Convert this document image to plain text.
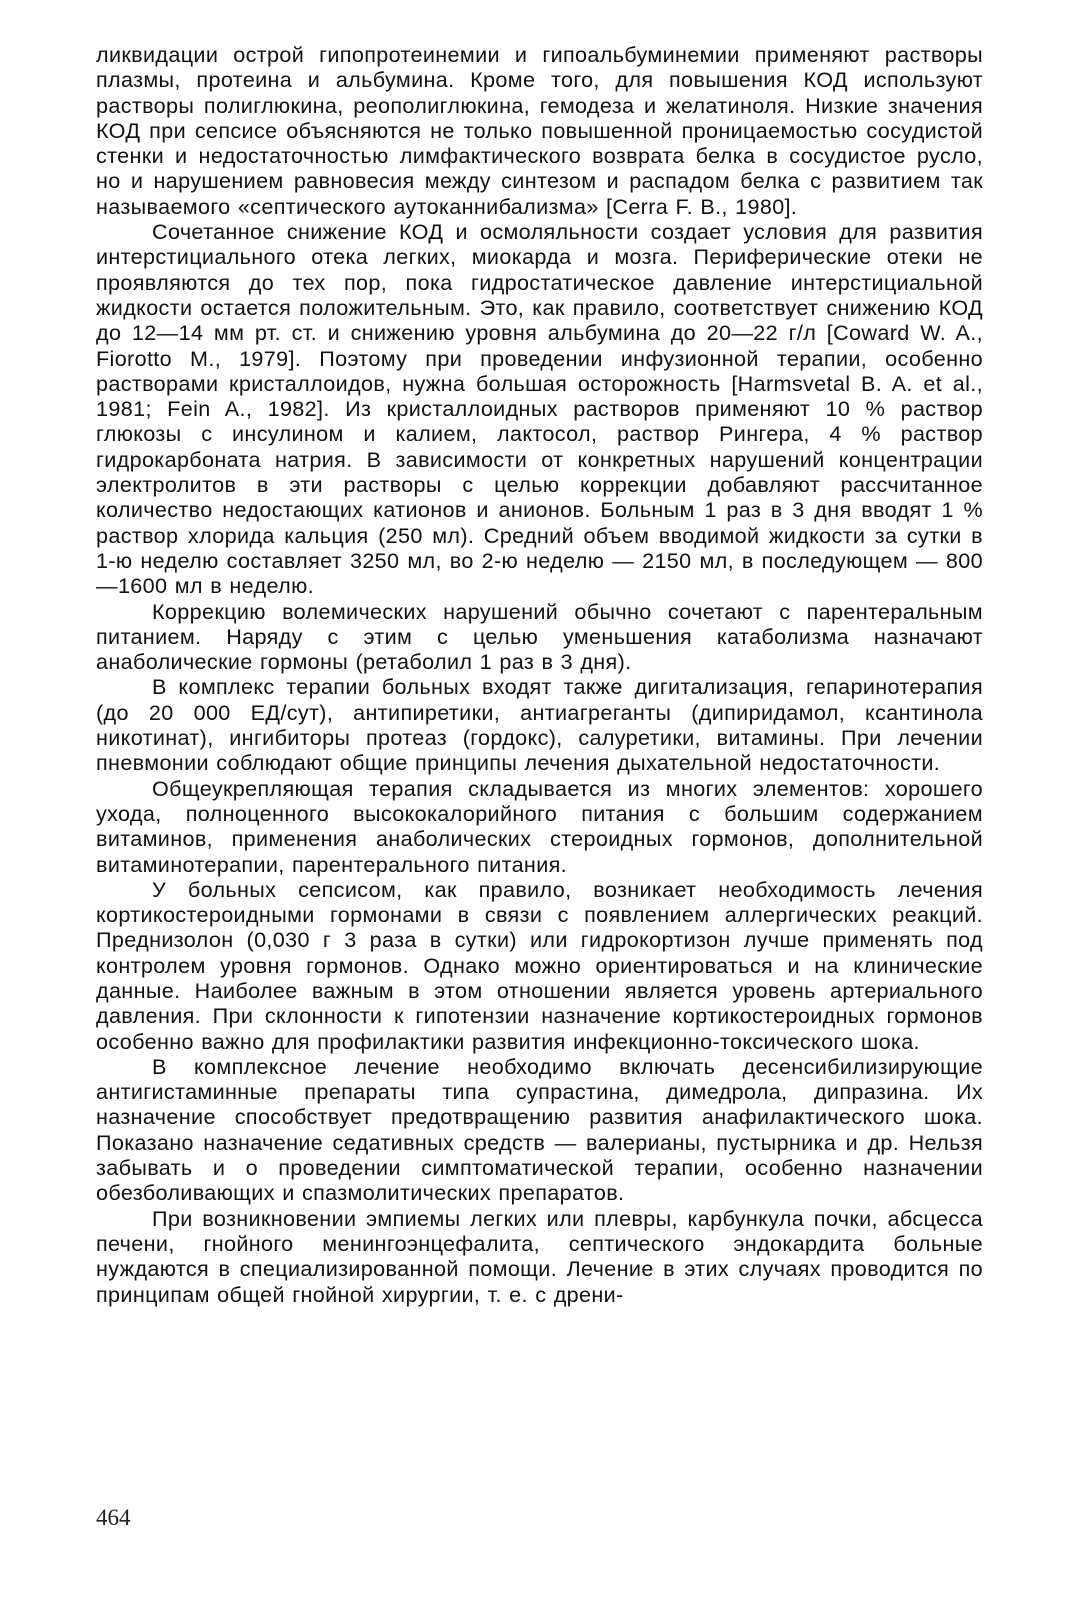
ликвидации острой гипопротеинемии и гипоальбуминемии применяют растворы плазмы, протеина и альбумина. Кроме того, для повышения КОД используют растворы полиглюкина, реополиглюкина, гемодеза и желатиноля. Низкие значения КОД при сепсисе объясняются не только повышенной проницаемостью сосудистой стенки и недостаточностью лимфактического возврата белка в сосудистое русло, но и нарушением равновесия между синтезом и распадом белка с развитием так называемого «септического аутоканнибализма» [Cerra F. B., 1980].

Сочетанное снижение КОД и осмоляльности создает условия для развития интерстициального отека легких, миокарда и мозга. Периферические отеки не проявляются до тех пор, пока гидростатическое давление интерстициальной жидкости остается положительным. Это, как правило, соответствует снижению КОД до 12—14 мм рт. ст. и снижению уровня альбумина до 20—22 г/л [Coward W. A., Fiorotto M., 1979]. Поэтому при проведении инфузионной терапии, особенно растворами кристаллоидов, нужна большая осторожность [Harmsvetal B. A. et al., 1981; Fein A., 1982]. Из кристаллоидных растворов применяют 10 % раствор глюкозы с инсулином и калием, лактосол, раствор Рингера, 4 % раствор гидрокарбоната натрия. В зависимости от конкретных нарушений концентрации электролитов в эти растворы с целью коррекции добавляют рассчитанное количество недостающих катионов и анионов. Больным 1 раз в 3 дня вводят 1 % раствор хлорида кальция (250 мл). Средний объем вводимой жидкости за сутки в 1-ю неделю составляет 3250 мл, во 2-ю неделю — 2150 мл, в последующем — 800—1600 мл в неделю.

Коррекцию волемических нарушений обычно сочетают с парентеральным питанием. Наряду с этим с целью уменьшения катаболизма назначают анаболические гормоны (ретаболил 1 раз в 3 дня).

В комплекс терапии больных входят также дигитализация, гепаринотерапия (до 20 000 ЕД/сут), антипиретики, антиагреганты (дипиридамол, ксантинола никотинат), ингибиторы протеаз (гордокс), салуретики, витамины. При лечении пневмонии соблюдают общие принципы лечения дыхательной недостаточности.

Общеукрепляющая терапия складывается из многих элементов: хорошего ухода, полноценного высококалорийного питания с большим содержанием витаминов, применения анаболических стероидных гормонов, дополнительной витаминотерапии, парентерального питания.

У больных сепсисом, как правило, возникает необходимость лечения кортикостероидными гормонами в связи с появлением аллергических реакций. Преднизолон (0,030 г 3 раза в сутки) или гидрокортизон лучше применять под контролем уровня гормонов. Однако можно ориентироваться и на клинические данные. Наиболее важным в этом отношении является уровень артериального давления. При склонности к гипотензии назначение кортикостероидных гормонов особенно важно для профилактики развития инфекционно-токсического шока.

В комплексное лечение необходимо включать десенсибилизирующие антигистаминные препараты типа супрастина, димедрола, дипразина. Их назначение способствует предотвращению развития анафилактического шока. Показано назначение седативных средств — валерианы, пустырника и др. Нельзя забывать и о проведении симптоматической терапии, особенно назначении обезболивающих и спазмолитических препаратов.

При возникновении эмпиемы легких или плевры, карбункула почки, абсцесса печени, гнойного менингоэнцефалита, септического эндокардита больные нуждаются в специализированной помощи. Лечение в этих случаях проводится по принципам общей гнойной хирургии, т. е. с дрени-

464
